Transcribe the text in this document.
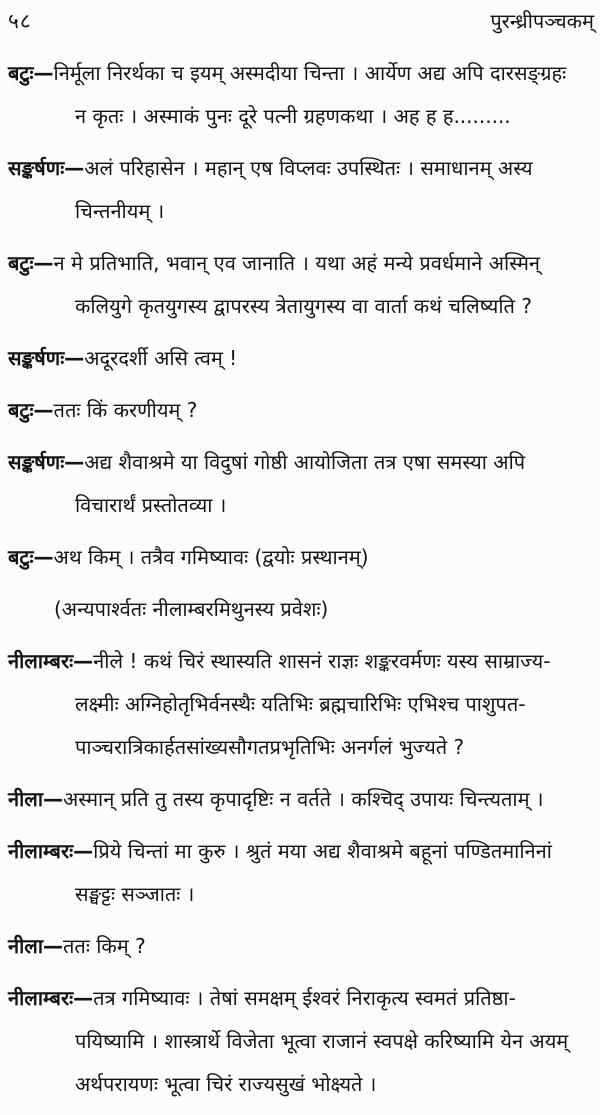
५८	पुरन्ध्रीपञ्चकम्
बटुः—निर्मूला निरर्थका च इयम् अस्मदीया चिन्ता । आर्येण अद्य अपि दारसङ्ग्रहः
न कृतः । अस्माकं पुनः दूरे पत्नी ग्रहणकथा । अह ह ह.........
सङ्कर्षणः—अलं परिहासेन । महान् एष विप्लवः उपस्थितः । समाधानम् अस्य
चिन्तनीयम् ।
बटुः—न मे प्रतिभाति, भवान् एव जानाति । यथा अहं मन्ये प्रवर्धमाने अस्मिन्
कलियुगे कृतयुगस्य द्वापरस्य त्रेतायुगस्य वा वार्ता कथं चलिष्यति ?
सङ्कर्षणः—अदूरदर्शी असि त्वम् !
बटुः—ततः किं करणीयम् ?
सङ्कर्षणः—अद्य शैवाश्रमे या विदुषां गोष्ठी आयोजिता तत्र एषा समस्या अपि
विचारार्थं प्रस्तोतव्या ।
बटुः—अथ किम् । तत्रैव गमिष्यावः (द्वयोः प्रस्थानम्)
(अन्यपार्श्वतः नीलाम्बरमिथुनस्य प्रवेशः)
नीलाम्बरः—नीले ! कथं चिरं स्थास्यति शासनं राज्ञः शङ्करवर्मणः यस्य साम्राज्य-
लक्ष्मीः अग्निहोतृभिर्वनस्थैः यतिभिः ब्रह्मचारिभिः एभिश्च पाशुपत-
पाञ्चरात्रिकार्हतसांख्यसौगतप्रभृतिभिः अनर्गलं भुज्यते ?
नीला—अस्मान् प्रति तु तस्य कृपादृष्टिः न वर्तते । कश्चिद् उपायः चिन्त्यताम् ।
नीलाम्बरः—प्रिये चिन्तां मा कुरु । श्रुतं मया अद्य शैवाश्रमे बहूनां पण्डितमानिनां
सङ्घट्टः सञ्जातः ।
नीला—ततः किम् ?
नीलाम्बरः—तत्र गमिष्यावः । तेषां समक्षम् ईश्वरं निराकृत्य स्वमतं प्रतिष्ठा-
पयिष्यामि । शास्त्रार्थे विजेता भूत्वा राजानं स्वपक्षे करिष्यामि येन अयम्
अर्थपरायणः भूत्वा चिरं राज्यसुखं भोक्ष्यते ।
